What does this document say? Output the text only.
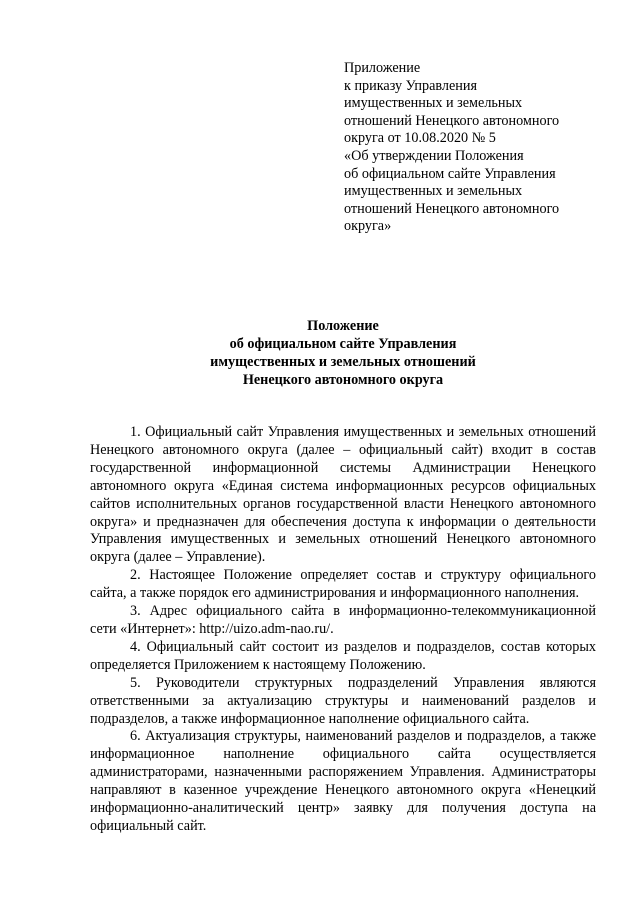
Приложение
к приказу Управления
имущественных и земельных
отношений Ненецкого автономного
округа от 10.08.2020 № 5
«Об утверждении Положения
об официальном сайте Управления
имущественных и земельных
отношений Ненецкого автономного
округа»
Положение
об официальном сайте Управления
имущественных и земельных отношений
Ненецкого автономного округа

1. Официальный сайт Управления имущественных и земельных отношений Ненецкого автономного округа (далее – официальный сайт) входит в состав государственной информационной системы Администрации Ненецкого автономного округа «Единая система информационных ресурсов официальных сайтов исполнительных органов государственной власти Ненецкого автономного округа» и предназначен для обеспечения доступа к информации о деятельности Управления имущественных и земельных отношений Ненецкого автономного округа (далее – Управление).

2. Настоящее Положение определяет состав и структуру официального сайта, а также порядок его администрирования и информационного наполнения.

3. Адрес официального сайта в информационно-телекоммуникационной сети «Интернет»: http://uizo.adm-nao.ru/.

4. Официальный сайт состоит из разделов и подразделов, состав которых определяется Приложением к настоящему Положению.

5. Руководители структурных подразделений Управления являются ответственными за актуализацию структуры и наименований разделов и подразделов, а также информационное наполнение официального сайта.

6. Актуализация структуры, наименований разделов и подразделов, а также информационное наполнение официального сайта осуществляется администраторами, назначенными распоряжением Управления. Администраторы направляют в казенное учреждение Ненецкого автономного округа «Ненецкий информационно-аналитический центр» заявку для получения доступа на официальный сайт.
